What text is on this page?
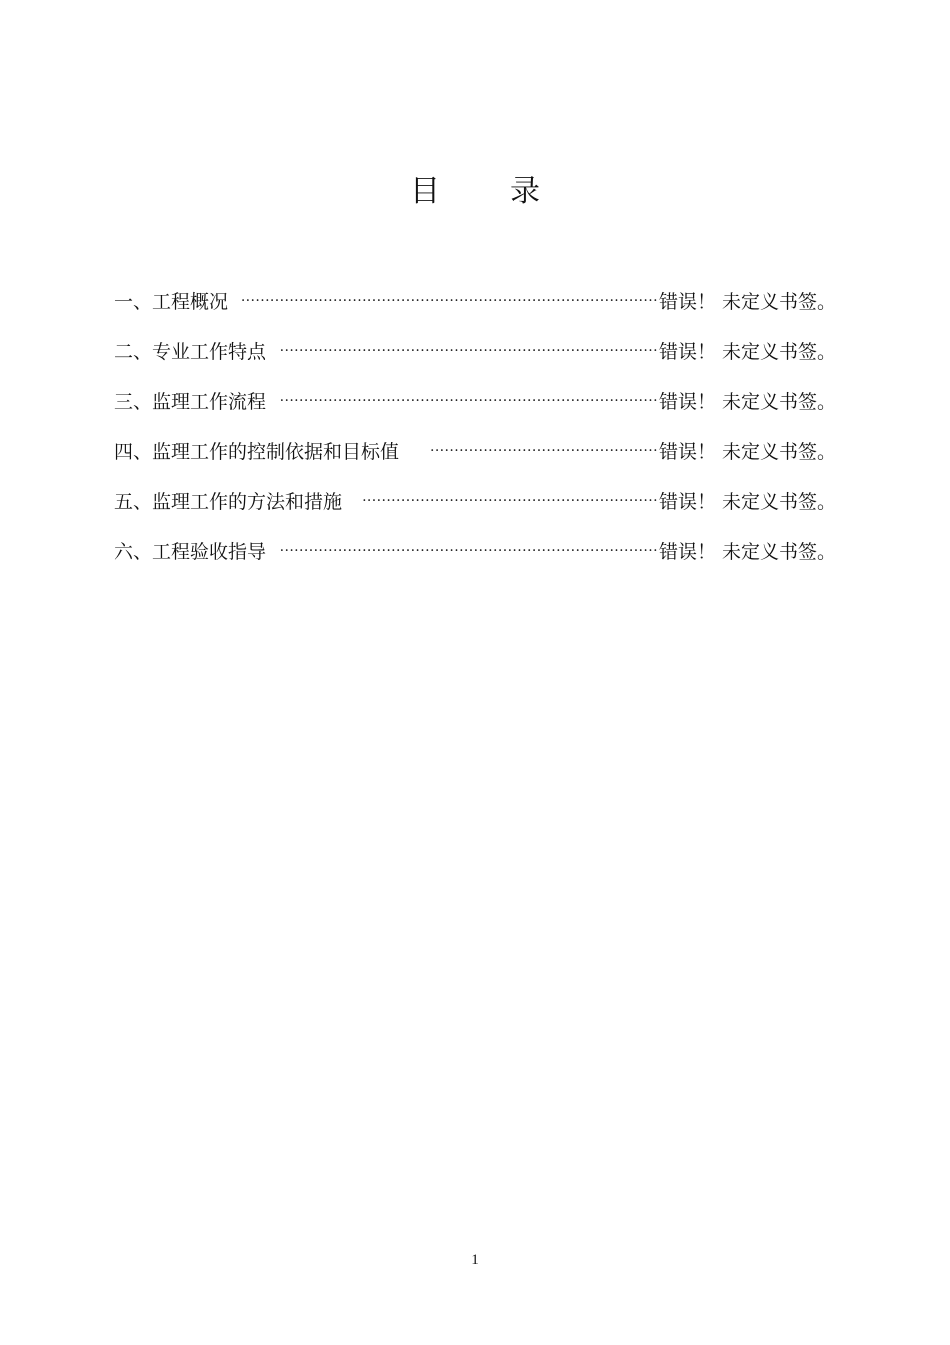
目 录
一、工程概况 .....	错误！ 未定义书签。
二、专业工作特点 .....	错误！ 未定义书签。
三、监理工作流程 .....	错误！ 未定义书签。
四、监理工作的控制依据和目标值 .....	错误！ 未定义书签。
五、监理工作的方法和措施 .....	错误！ 未定义书签。
六、工程验收指导 .....	错误！ 未定义书签。
1
